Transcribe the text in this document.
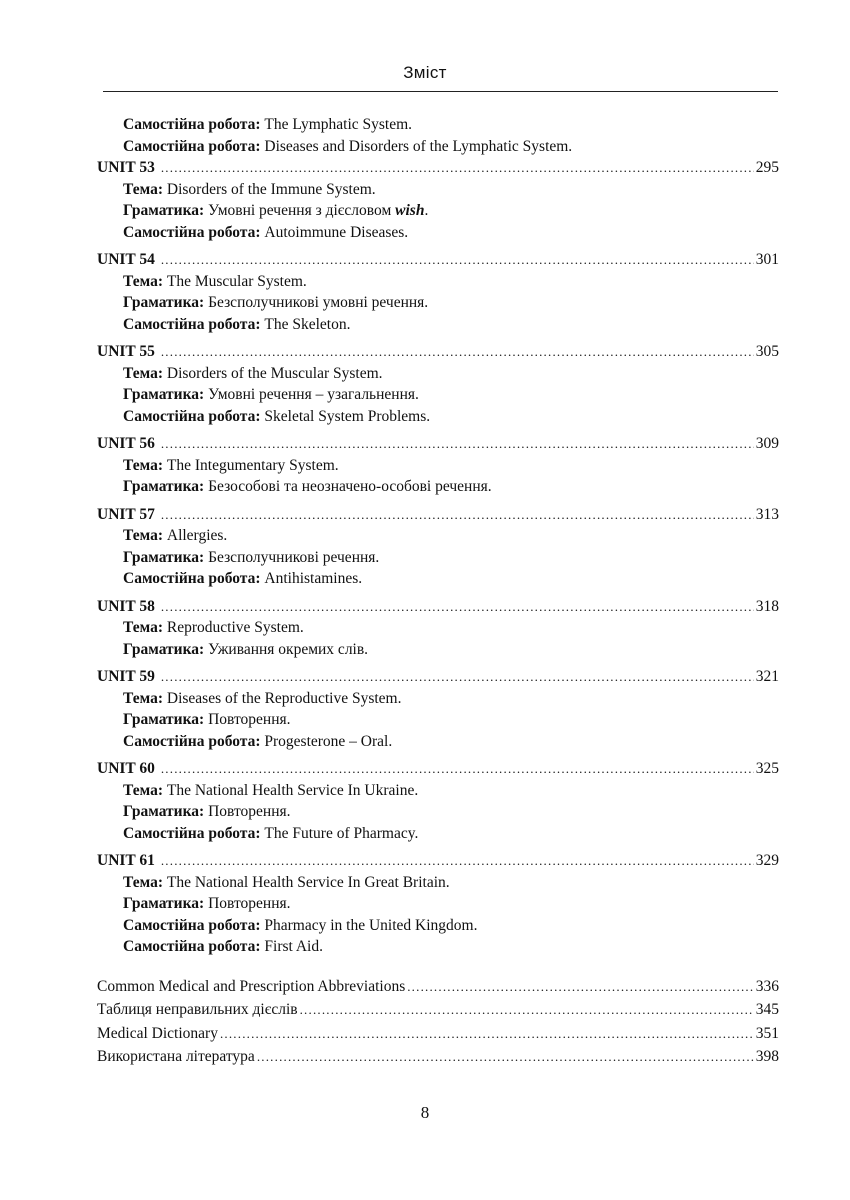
Зміст
Самостійна робота: The Lymphatic System.
Самостійна робота: Diseases and Disorders of the Lymphatic System.
UNIT 53 .....	295
Тема: Disorders of the Immune System.
Граматика: Умовні речення з дієсловом wish.
Самостійна робота: Autoimmune Diseases.
UNIT 54 .....	301
Тема: The Muscular System.
Граматика: Безсполучникові умовні речення.
Самостійна робота: The Skeleton.
UNIT 55 .....	305
Тема: Disorders of the Muscular System.
Граматика: Умовні речення – узагальнення.
Самостійна робота: Skeletal System Problems.
UNIT 56 .....	309
Тема: The Integumentary System.
Граматика: Безособові та неозначено-особові речення.
UNIT 57 .....	313
Тема: Allergies.
Граматика: Безсполучникові речення.
Самостійна робота: Antihistamines.
UNIT 58 .....	318
Тема: Reproductive System.
Граматика: Уживання окремих слів.
UNIT 59 .....	321
Тема: Diseases of the Reproductive System.
Граматика: Повторення.
Самостійна робота: Progesterone – Oral.
UNIT 60 .....	325
Тема: The National Health Service In Ukraine.
Граматика: Повторення.
Самостійна робота: The Future of Pharmacy.
UNIT 61 .....	329
Тема: The National Health Service In Great Britain.
Граматика: Повторення.
Самостійна робота: Pharmacy in the United Kingdom.
Самостійна робота: First Aid.
Common Medical and Prescription Abbreviations .....	336
Таблиця неправильних дієслів .....	345
Medical Dictionary .....	351
Використана література .....	398
8
